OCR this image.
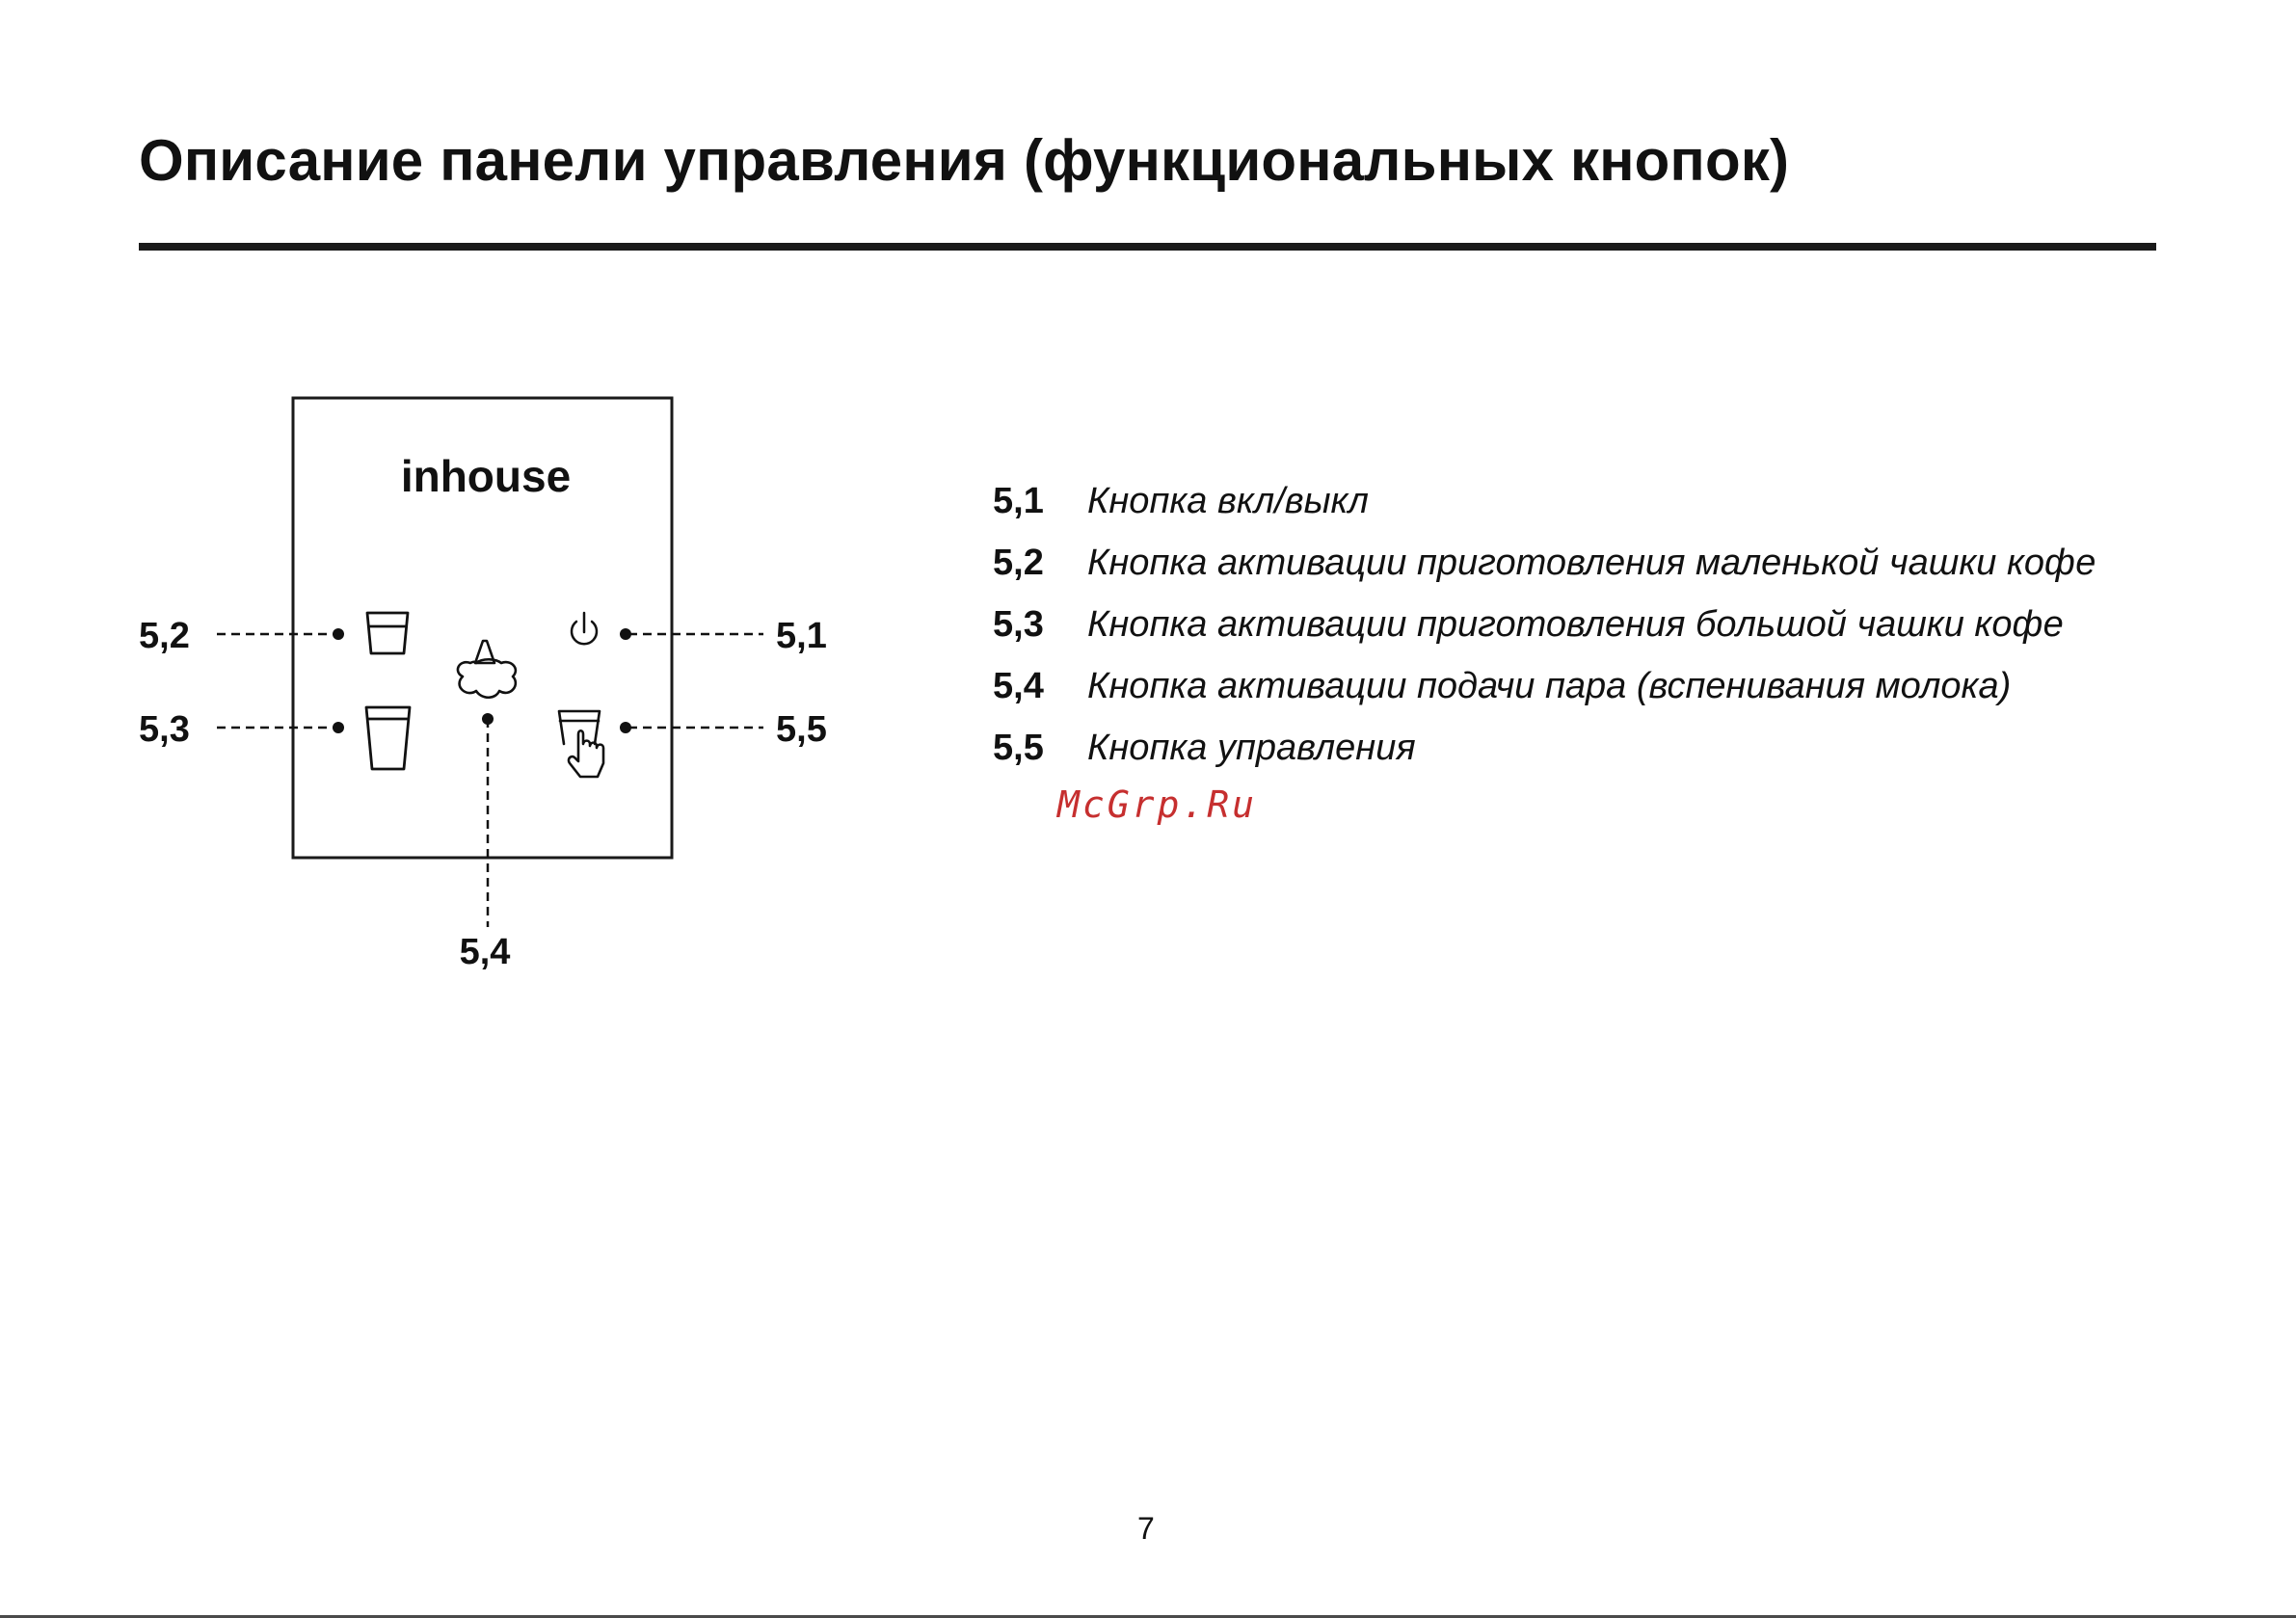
Описание панели управления (функциональных кнопок)
inhouse
5,2
5,3
5,1
5,5
5,4
5,1	Кнопка вкл/выкл
5,2	Кнопка активации приготовления маленькой чашки кофе
5,3	Кнопка активации приготовления большой чашки кофе
5,4	Кнопка активации подачи пара (вспенивания молока)
5,5	Кнопка управления
McGrp.Ru
7
